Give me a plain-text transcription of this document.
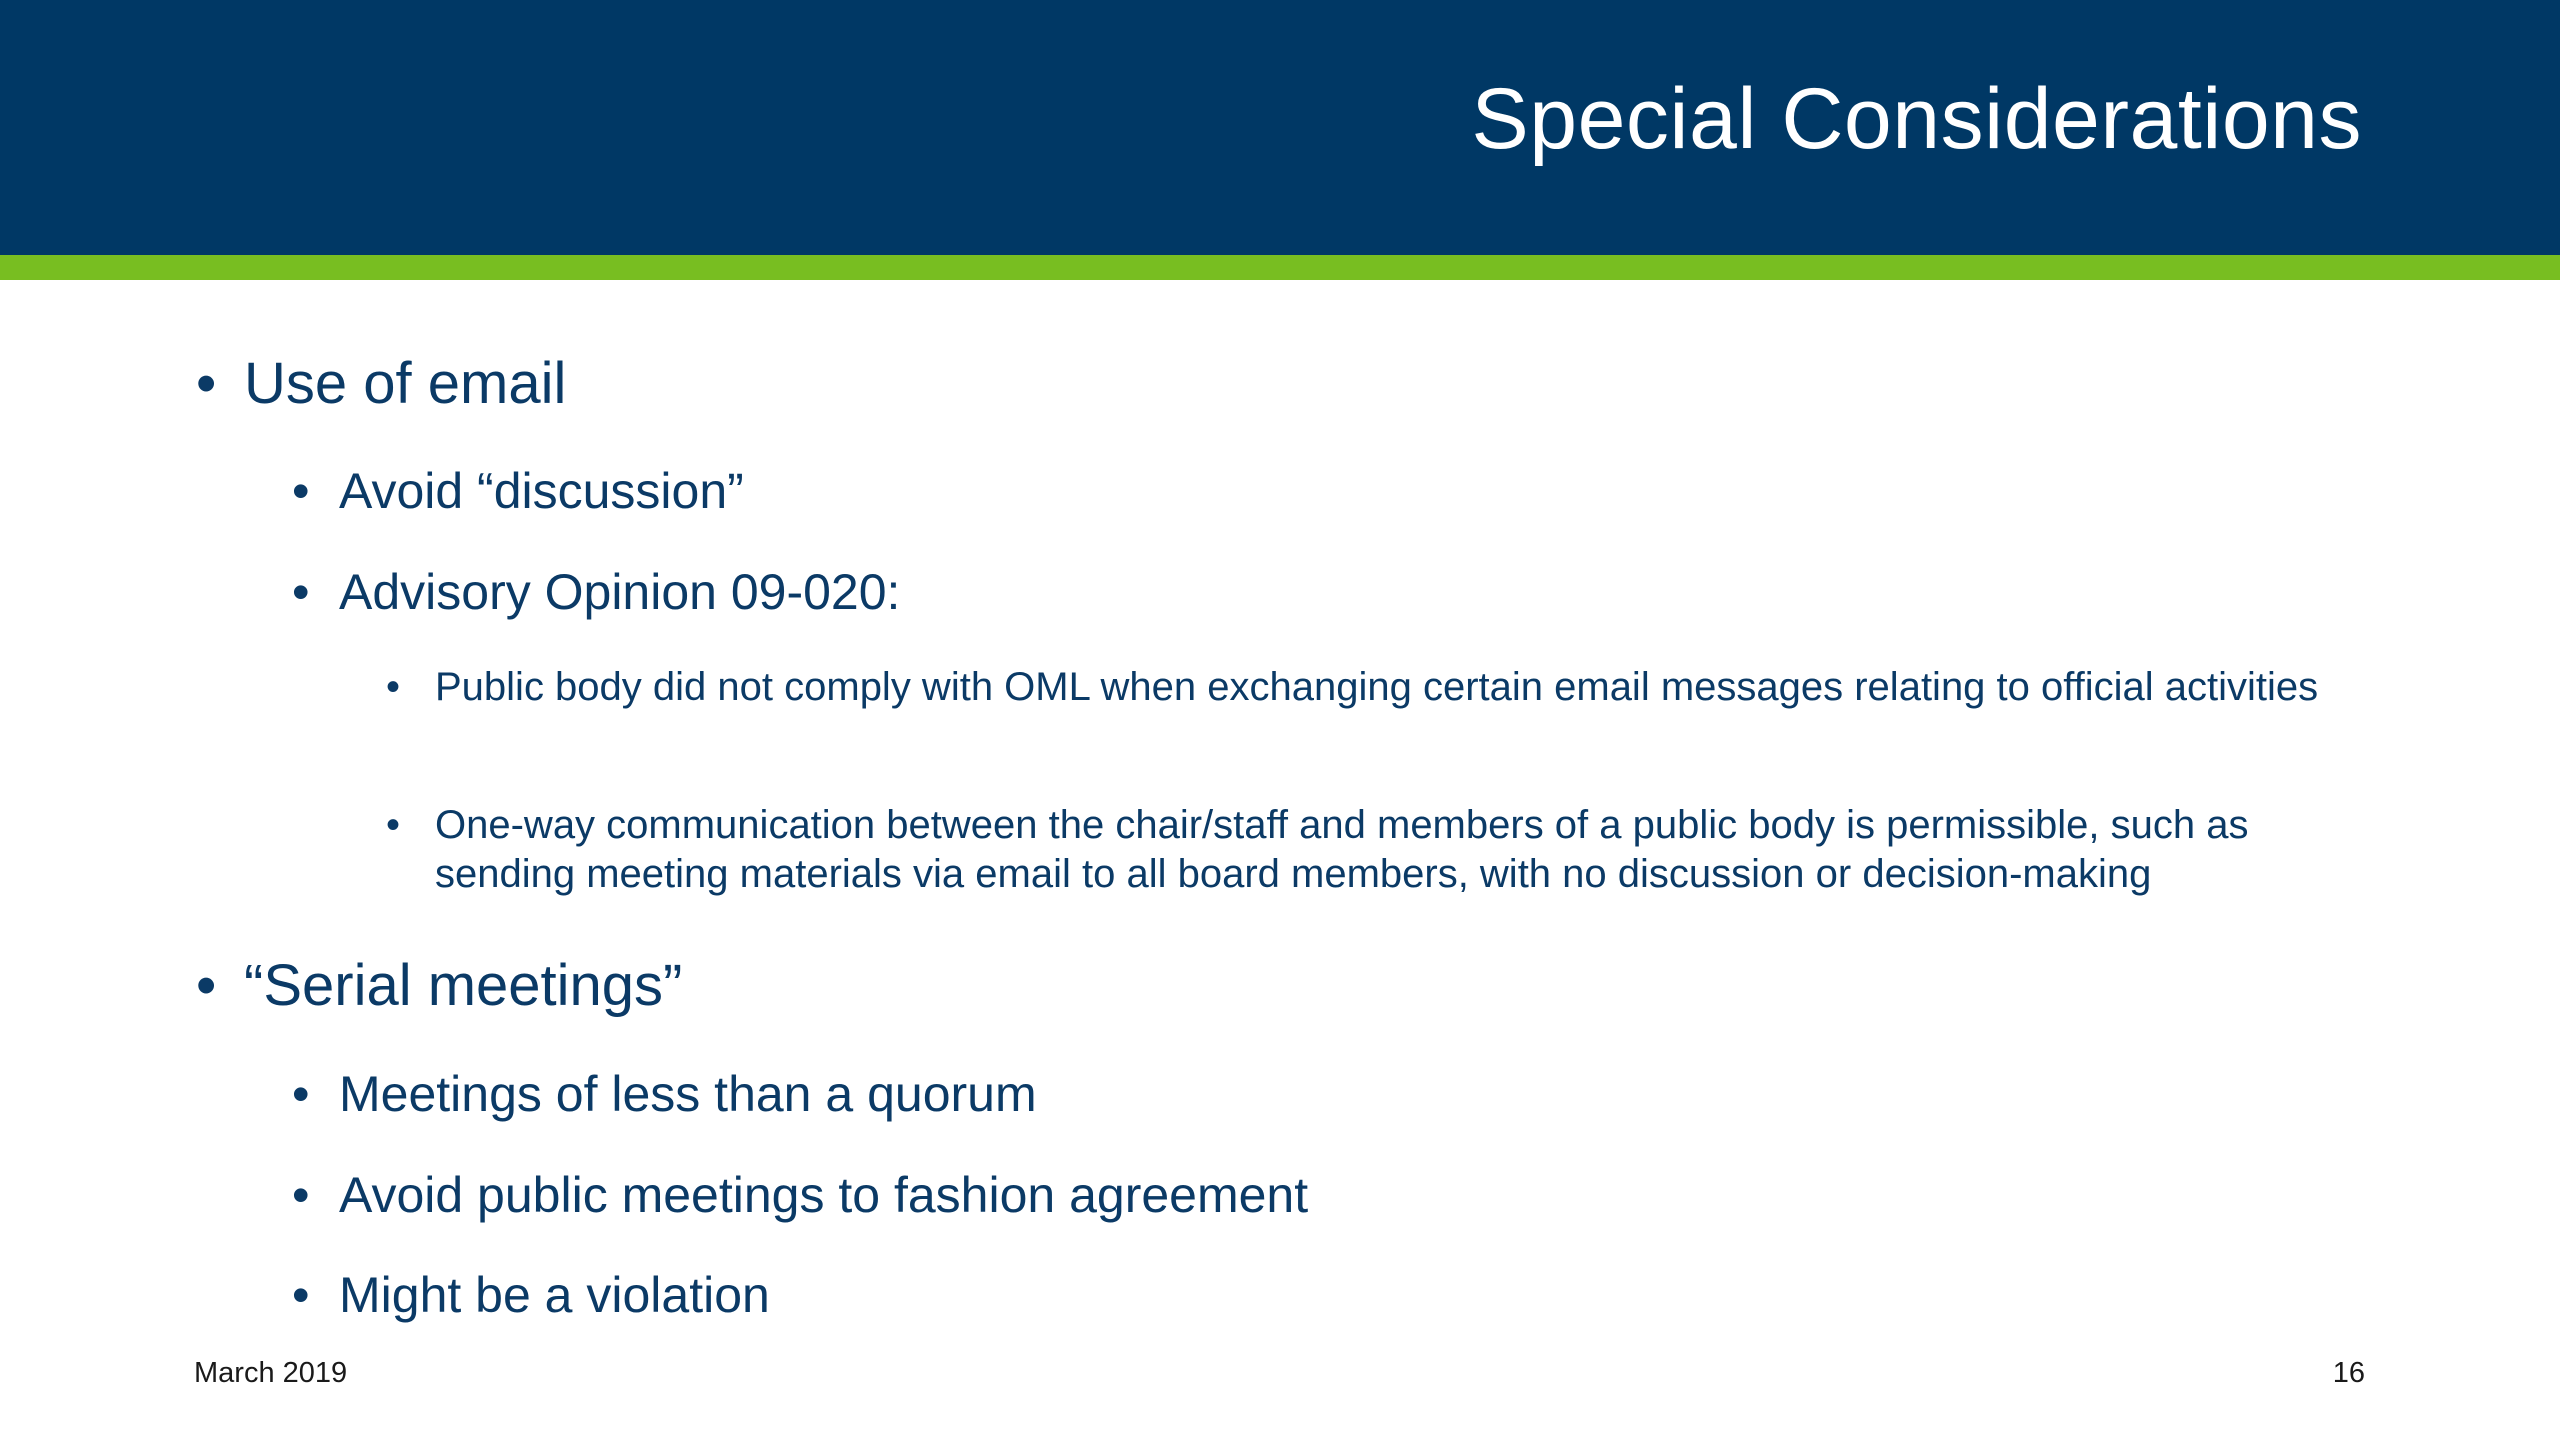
Special Considerations
• Use of email
• Avoid “discussion”
• Advisory Opinion 09-020:
• Public body did not comply with OML when exchanging certain email messages relating to official activities
• One-way communication between the chair/staff and members of a public body is permissible, such as sending meeting materials via email to all board members, with no discussion or decision-making
• “Serial meetings”
• Meetings of less than a quorum
• Avoid public meetings to fashion agreement
• Might be a violation
March 2019	16
